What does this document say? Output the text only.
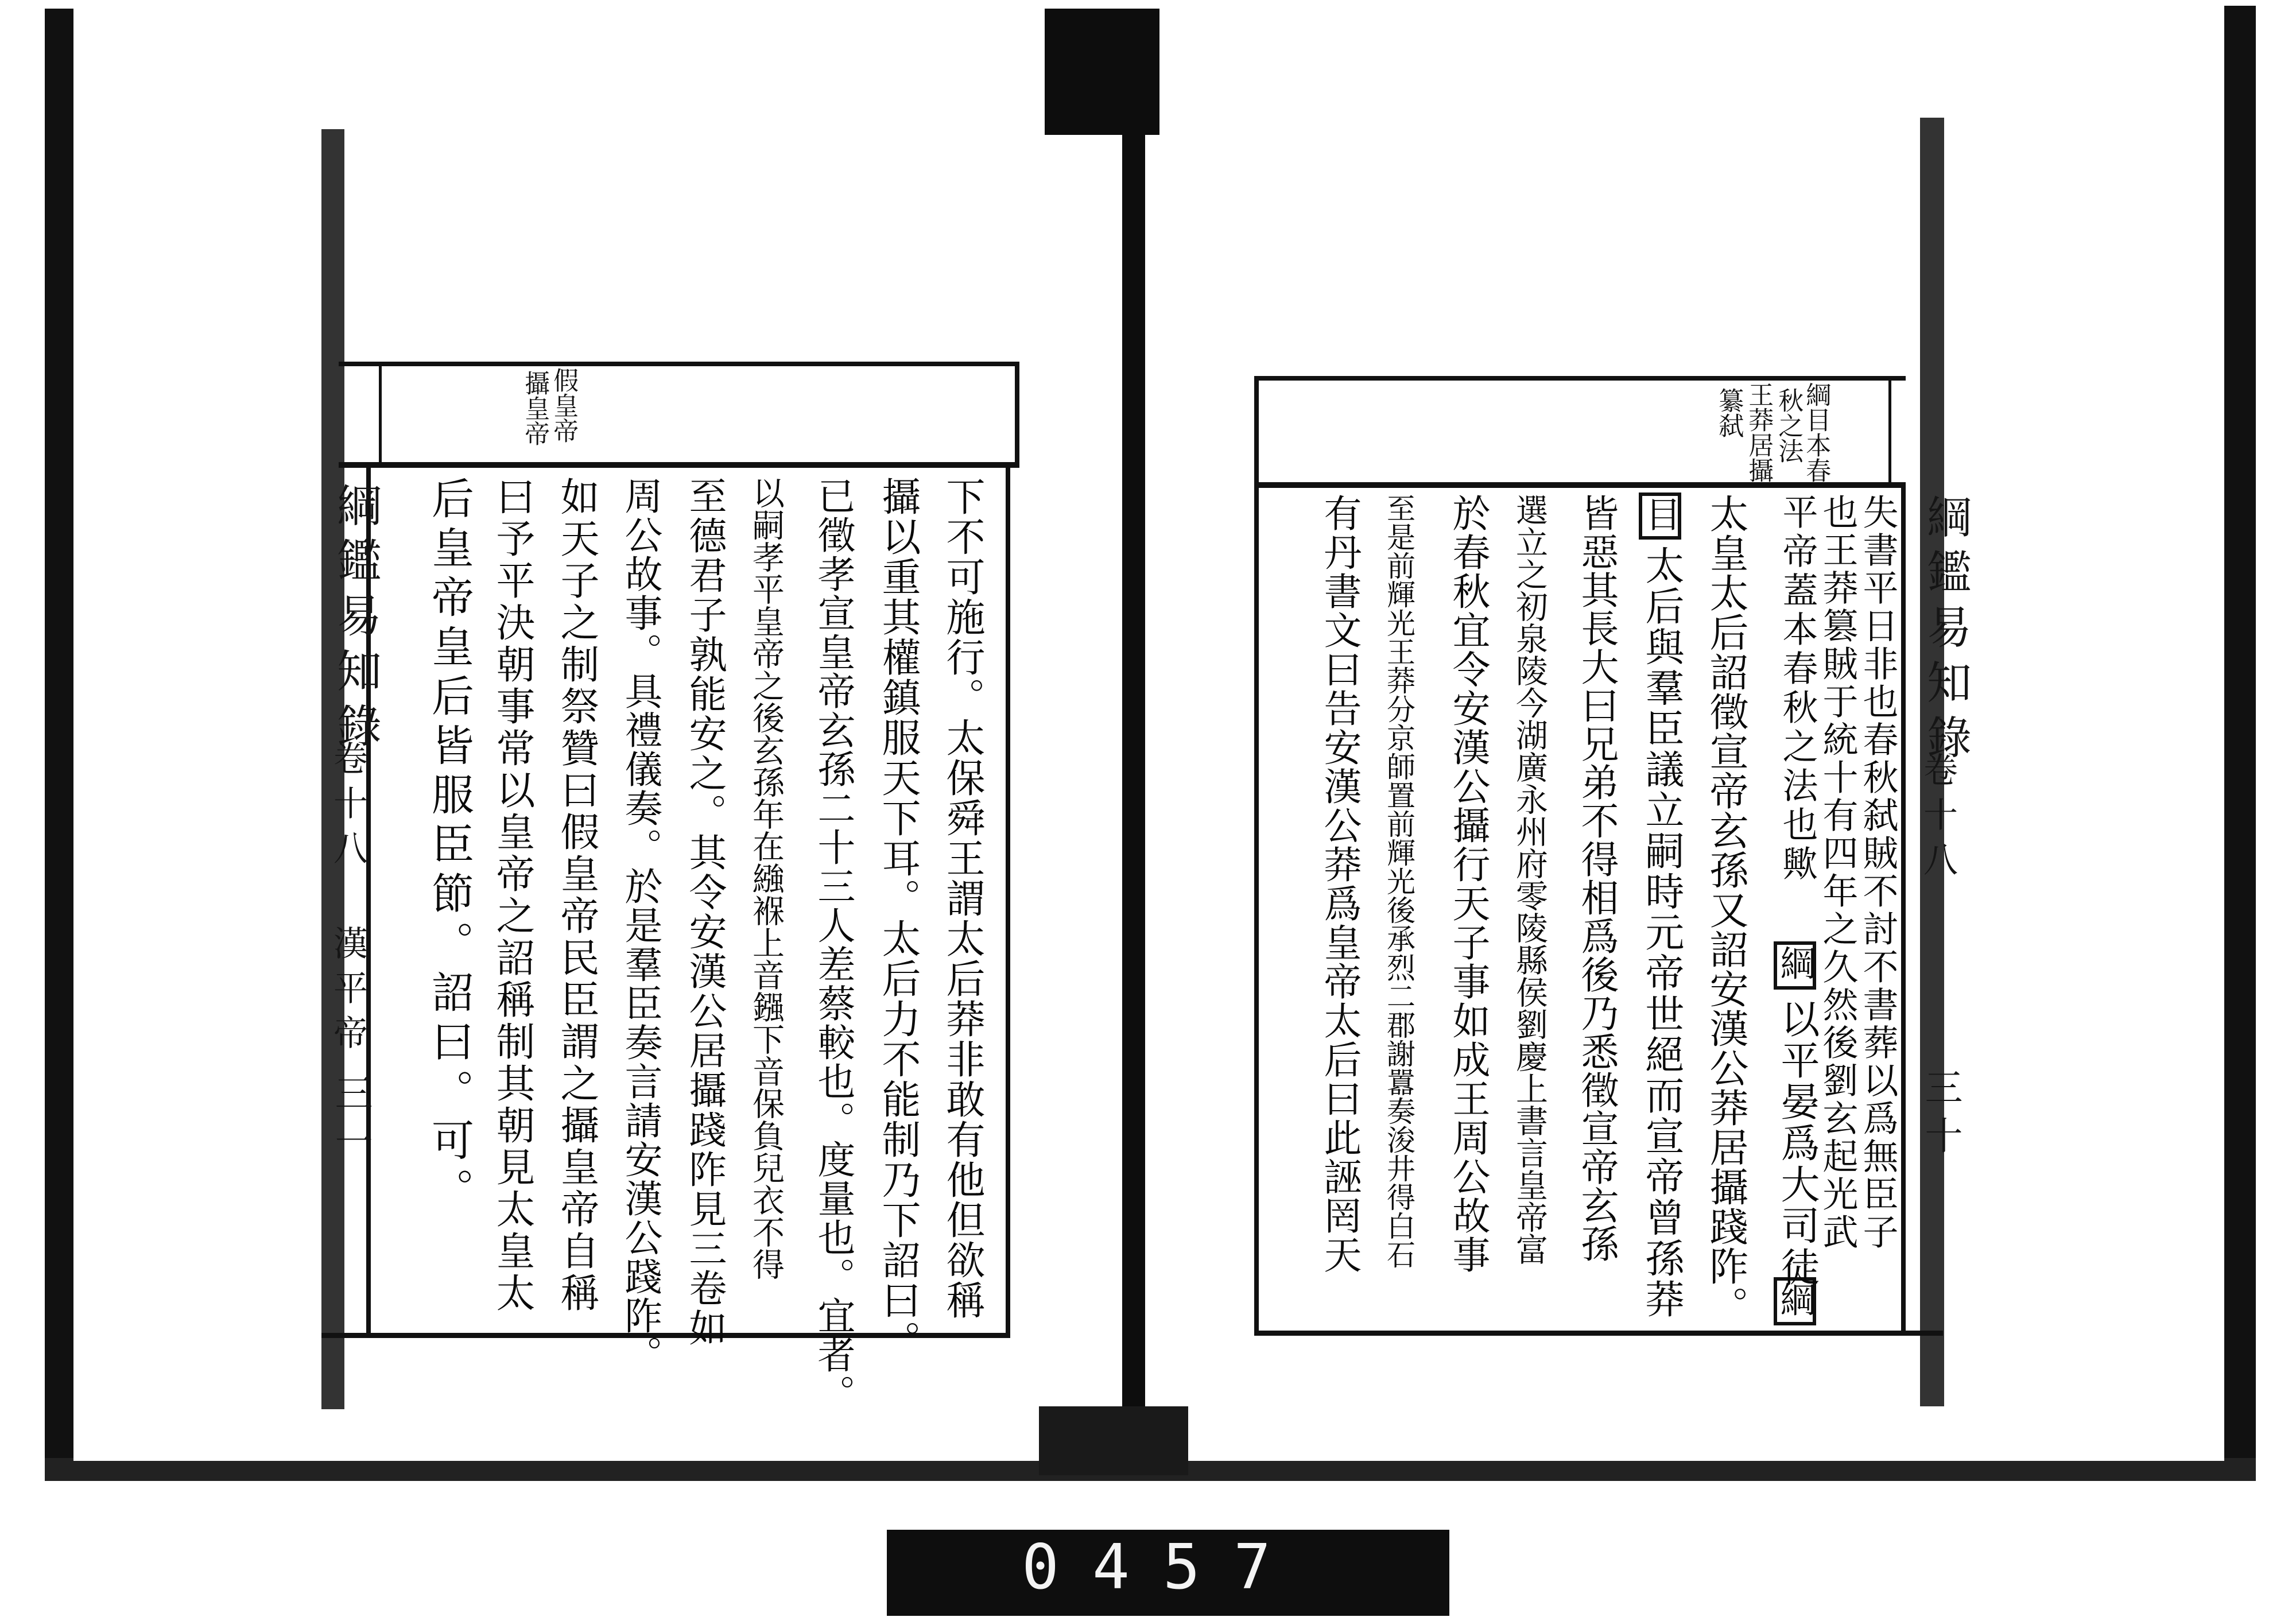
假皇帝
攝皇帝
綱鑑易知錄
卷十八 漢平帝
三一	下不可施行。太保舜王謂太后莽非敢有他但欲稱
攝以重其權鎮服天下耳。太后力不能制乃下詔曰。
已徵孝宣皇帝玄孫二十三人差蔡較也。度量也。宜者。
以嗣孝平皇帝之後玄孫年在繈褓上音鏹下音保負兒衣不得
至德君子孰能安之。其令安漢公居攝踐阼見三卷如
周公故事。具禮儀奏。於是羣臣奏言請安漢公踐阼。
如天子之制祭贊曰假皇帝民臣謂之攝皇帝自稱
曰予平決朝事常以皇帝之詔稱制其朝見太皇太
后皇帝皇后皆服臣節。詔曰。可。
綱目本春
秋之法
王莽居攝
纂弑
綱鑑易知錄
卷十八
三十
失書平日非也春秋弑賊不討不書葬以爲無臣子
也王莽篡賊于統十有四年之久然後劉玄起光武
平帝蓋本春秋之法也歟
綱
綱
目
以平晏爲大司徒
太皇太后詔徵宣帝玄孫又詔安漢公莽居攝踐阼。
太后與羣臣議立嗣時元帝世絕而宣帝曾孫莽
皆惡其長大曰兄弟不得相爲後乃悉徵宣帝玄孫
選立之初泉陵今湖廣永州府零陵縣侯劉慶上書言皇帝富
於春秋宜令安漢公攝行天子事如成王周公故事
至是前輝光王莽分京師置前輝光後承烈二郡謝囂奏浚井得白石
有丹書文曰告安漢公莽爲皇帝太后曰此誣罔天
0457
